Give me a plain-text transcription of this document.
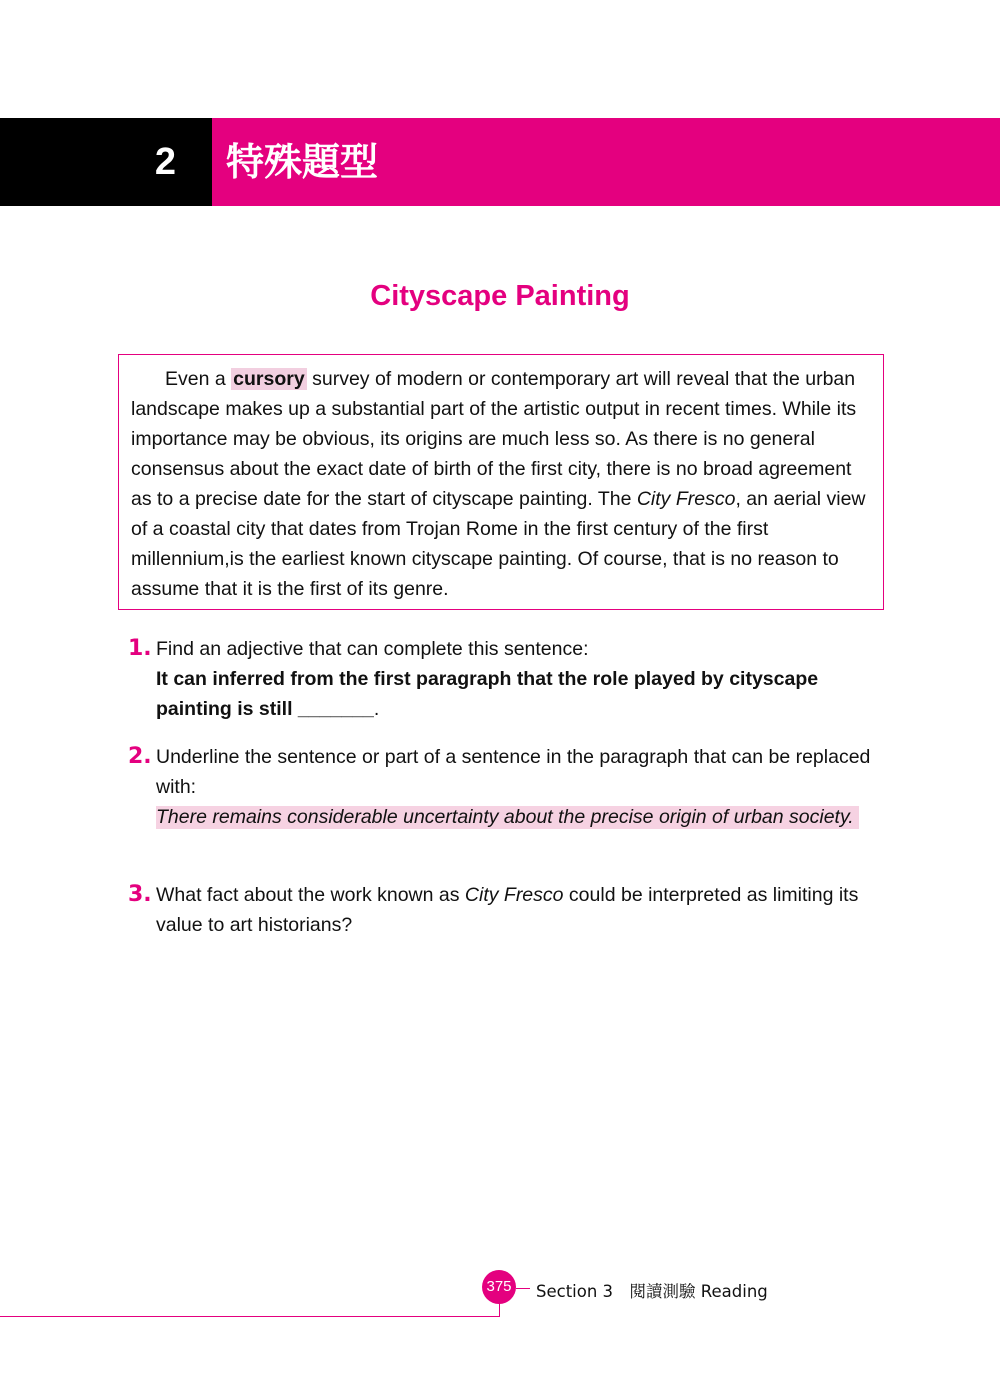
2	特殊題型
Cityscape Painting

Even a cursory survey of modern or contemporary art will reveal that the urban landscape makes up a substantial part of the artistic output in recent times. While its importance may be obvious, its origins are much less so. As there is no general consensus about the exact date of birth of the first city, there is no broad agreement as to a precise date for the start of cityscape painting. The City Fresco, an aerial view of a coastal city that dates from Trojan Rome in the first century of the first millennium,is the earliest known cityscape painting. Of course, that is no reason to assume that it is the first of its genre.

1. Find an adjective that can complete this sentence:
It can inferred from the first paragraph that the role played by cityscape painting is still _______.
2. Underline the sentence or part of a sentence in the paragraph that can be replaced with:
There remains considerable uncertainty about the precise origin of urban society.
3. What fact about the work known as City Fresco could be interpreted as limiting its value to art historians?
375 Section 3　閱讀測驗 Reading
